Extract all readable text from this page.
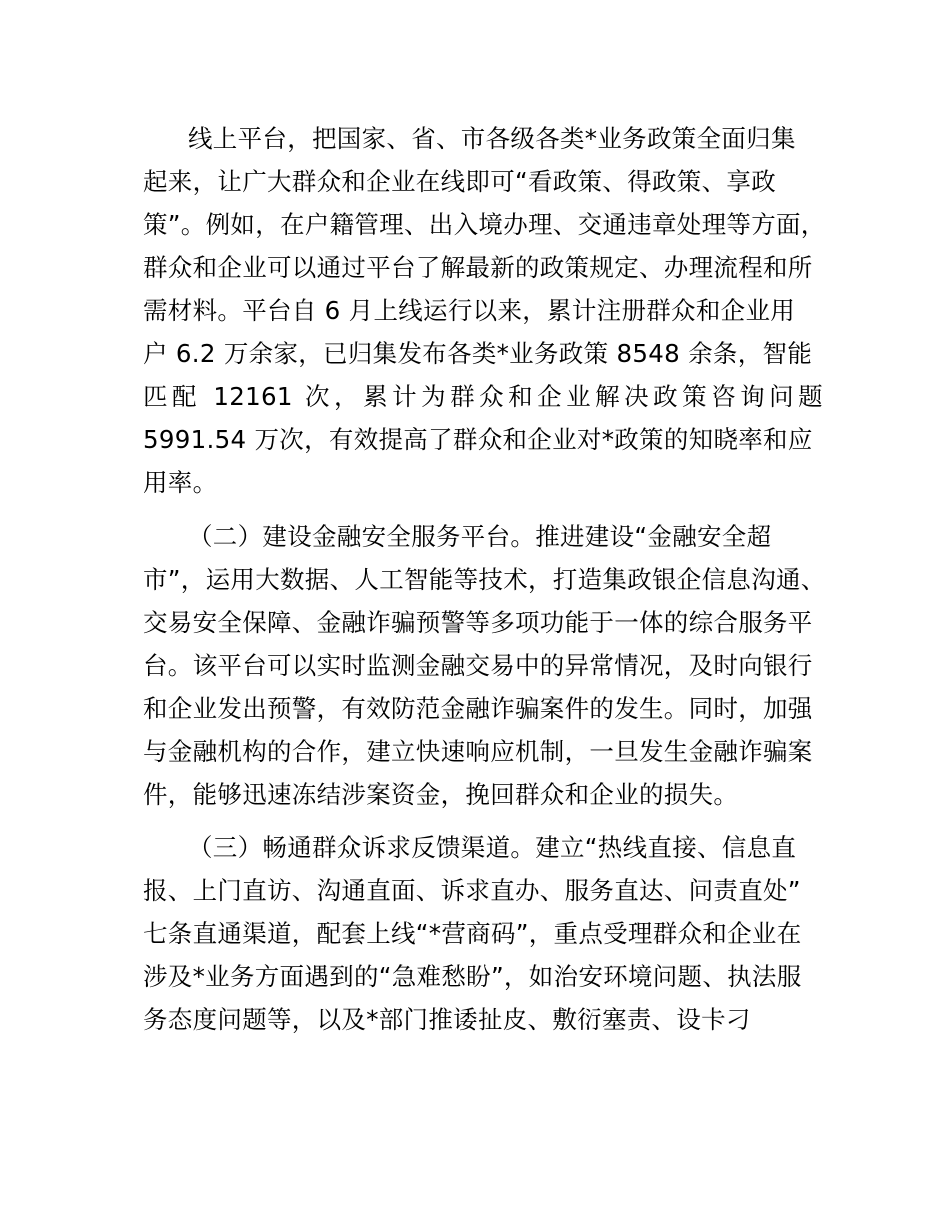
线上平台，把国家、省、市各级各类*业务政策全面归集
起来，让广大群众和企业在线即可“看政策、得政策、享政
策”。例如，在户籍管理、出入境办理、交通违章处理等方面，
群众和企业可以通过平台了解最新的政策规定、办理流程和所
需材料。平台自 6 月上线运行以来，累计注册群众和企业用
户 6.2 万余家，已归集发布各类*业务政策 8548 余条，智能
匹配 12161 次，累计为群众和企业解决政策咨询问题
5991.54 万次，有效提高了群众和企业对*政策的知晓率和应
用率。
（二）建设金融安全服务平台。推进建设“金融安全超
市”，运用大数据、人工智能等技术，打造集政银企信息沟通、
交易安全保障、金融诈骗预警等多项功能于一体的综合服务平
台。该平台可以实时监测金融交易中的异常情况，及时向银行
和企业发出预警，有效防范金融诈骗案件的发生。同时，加强
与金融机构的合作，建立快速响应机制，一旦发生金融诈骗案
件，能够迅速冻结涉案资金，挽回群众和企业的损失。
（三）畅通群众诉求反馈渠道。建立“热线直接、信息直
报、上门直访、沟通直面、诉求直办、服务直达、问责直处”
七条直通渠道，配套上线“*营商码”，重点受理群众和企业在
涉及*业务方面遇到的“急难愁盼”，如治安环境问题、执法服
务态度问题等，以及*部门推诿扯皮、敷衍塞责、设卡刁
